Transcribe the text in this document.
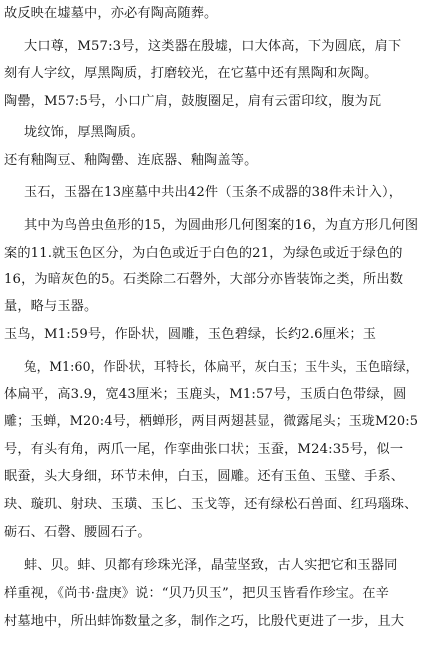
故反映在墟墓中，亦必有陶高随葬。
大口尊，M57:3号，这类器在殷墟，口大体高，下为圆底，肩下
刻有人字纹，厚黑陶质，打磨较光，在它墓中还有黑陶和灰陶。
陶罍，M57:5号，小口广肩，鼓腹圈足，肩有云雷印纹，腹为瓦
垅纹饰，厚黑陶质。
还有釉陶豆、釉陶罍、连底器、釉陶盖等。
玉石，玉器在13座墓中共出42件（玉条不成器的38件未计入），
其中为鸟兽虫鱼形的15，为圆曲形几何图案的16，为直方形几何图
案的11.就玉色区分，为白色或近于白色的21，为绿色或近于绿色的
16，为暗灰色的5。石类除二石磬外，大部分亦皆装饰之类，所出数
量，略与玉器。
玉鸟，M1:59号，作卧状，圆雕，玉色碧绿，长约2.6厘米；玉
兔，M1:60，作卧状，耳特长，体扁平，灰白玉；玉牛头，玉色暗绿，
体扁平，高3.9，宽43厘米；玉鹿头，M1:57号，玉质白色带绿，圆
雕；玉蝉，M20:4号，栖蝉形，两目两翅甚显，微露尾头；玉珑M20:5
号，有头有角，两爪一尾，作挛曲张口状；玉蚕，M24:35号，似一
眠蚕，头大身细，环节未伸，白玉，圆雕。还有玉鱼、玉璧、手系、
玦、璇玑、射玦、玉璜、玉匕、玉戈等，还有绿松石兽面、红玛瑙珠、
砺石、石磬、腰圆石子。
蚌、贝。蚌、贝都有珍珠光泽，晶莹坚致，古人实把它和玉器同
样重视，《尚书·盘庚》说：“贝乃贝玉”，把贝玉皆看作珍宝。在辛
村墓地中，所出蚌饰数量之多，制作之巧，比殷代更进了一步，且大
